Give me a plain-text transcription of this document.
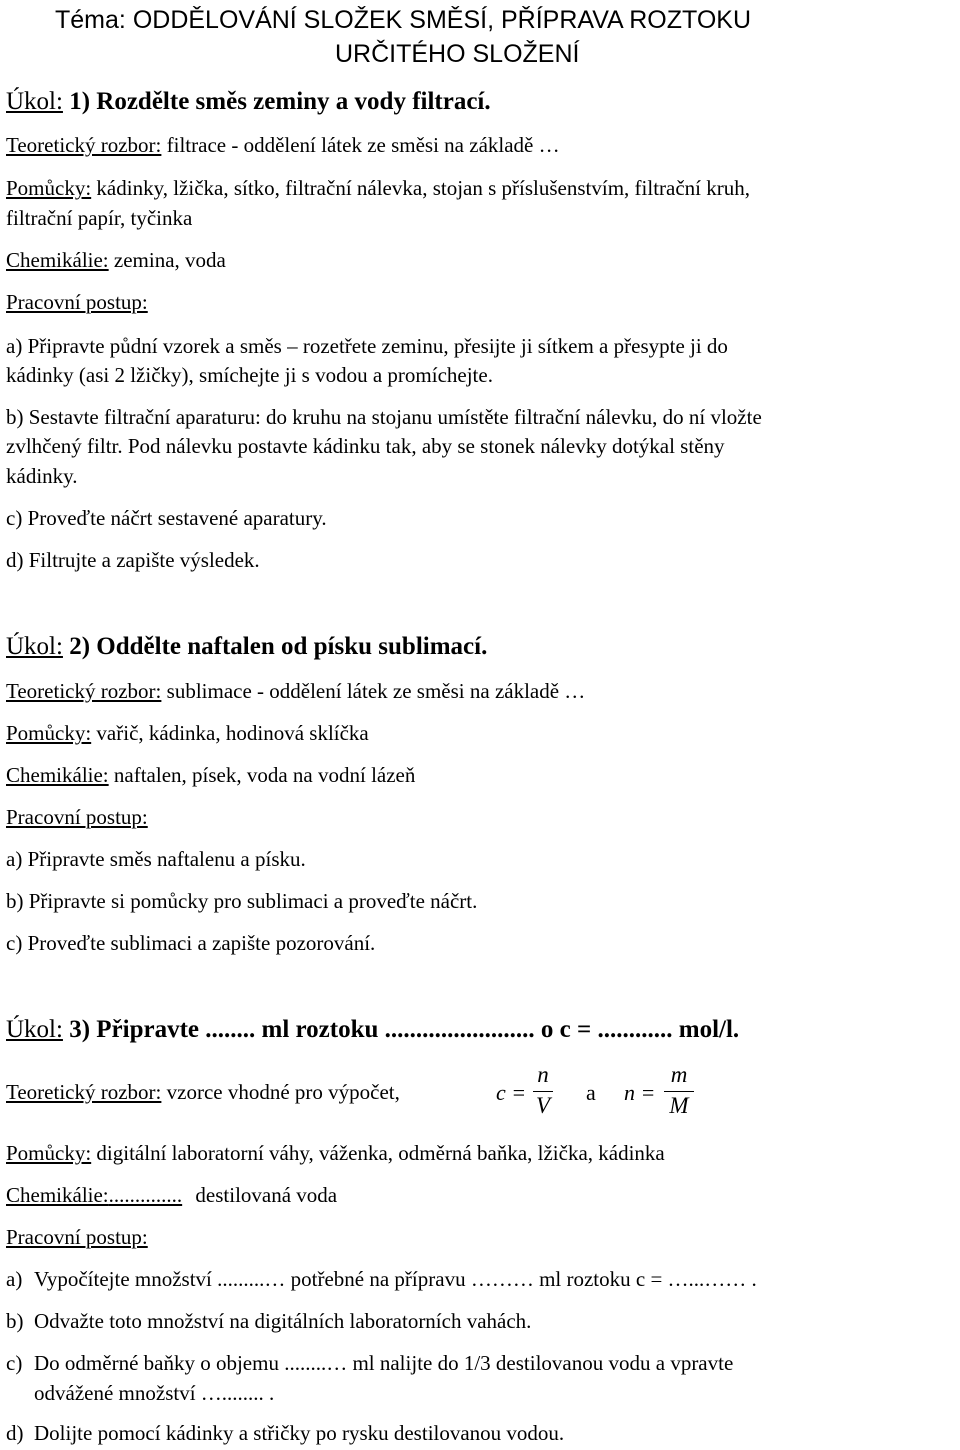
Téma: ODDĚLOVÁNÍ SLOŽEK SMĚSÍ, PŘÍPRAVA ROZTOKU
URČITÉHO SLOŽENÍ
Úkol: 1) Rozdělte směs zeminy a vody filtrací.
Teoretický rozbor: filtrace - oddělení látek ze směsi na základě …
Pomůcky: kádinky, lžička, sítko, filtrační nálevka, stojan s příslušenstvím, filtrační kruh,
filtrační papír, tyčinka
Chemikálie: zemina, voda
Pracovní postup:
a) Připravte půdní vzorek a směs – rozetřete zeminu, přesijte ji sítkem a přesypte ji do
kádinky (asi 2 lžičky), smíchejte ji s vodou a promíchejte.
b) Sestavte filtrační aparaturu: do kruhu na stojanu umístěte filtrační nálevku, do ní vložte
zvlhčený filtr. Pod nálevku postavte kádinku tak, aby se stonek nálevky dotýkal stěny
kádinky.
c) Proveďte náčrt sestavené aparatury.
d) Filtrujte a zapište výsledek.
Úkol: 2) Oddělte naftalen od písku sublimací.
Teoretický rozbor: sublimace - oddělení látek ze směsi na základě …
Pomůcky: vařič, kádinka, hodinová sklíčka
Chemikálie: naftalen, písek, voda na vodní lázeň
Pracovní postup:
a) Připravte směs naftalenu a písku.
b) Připravte si pomůcky pro sublimaci a proveďte náčrt.
c) Proveďte sublimaci a zapište pozorování.
Úkol: 3) Připravte ........ ml roztoku ........................ o c = ............ mol/l.
Teoretický rozbor: vzorce vhodné pro výpočet,	c =
n
V
a n =
m
M
Pomůcky: digitální laboratorní váhy, váženka, odměrná baňka, lžička, kádinka
Chemikálie:.............. destilovaná voda
Pracovní postup:
a) Vypočítejte množství .........… potřebné na přípravu ……… ml roztoku c = …...…… .
b) Odvažte toto množství na digitálních laboratorních vahách.
c) Do odměrné baňky o objemu ........… ml nalijte do 1/3 destilovanou vodu a vpravte
odvážené množství …........ .
d) Dolijte pomocí kádinky a střičky po rysku destilovanou vodou.
